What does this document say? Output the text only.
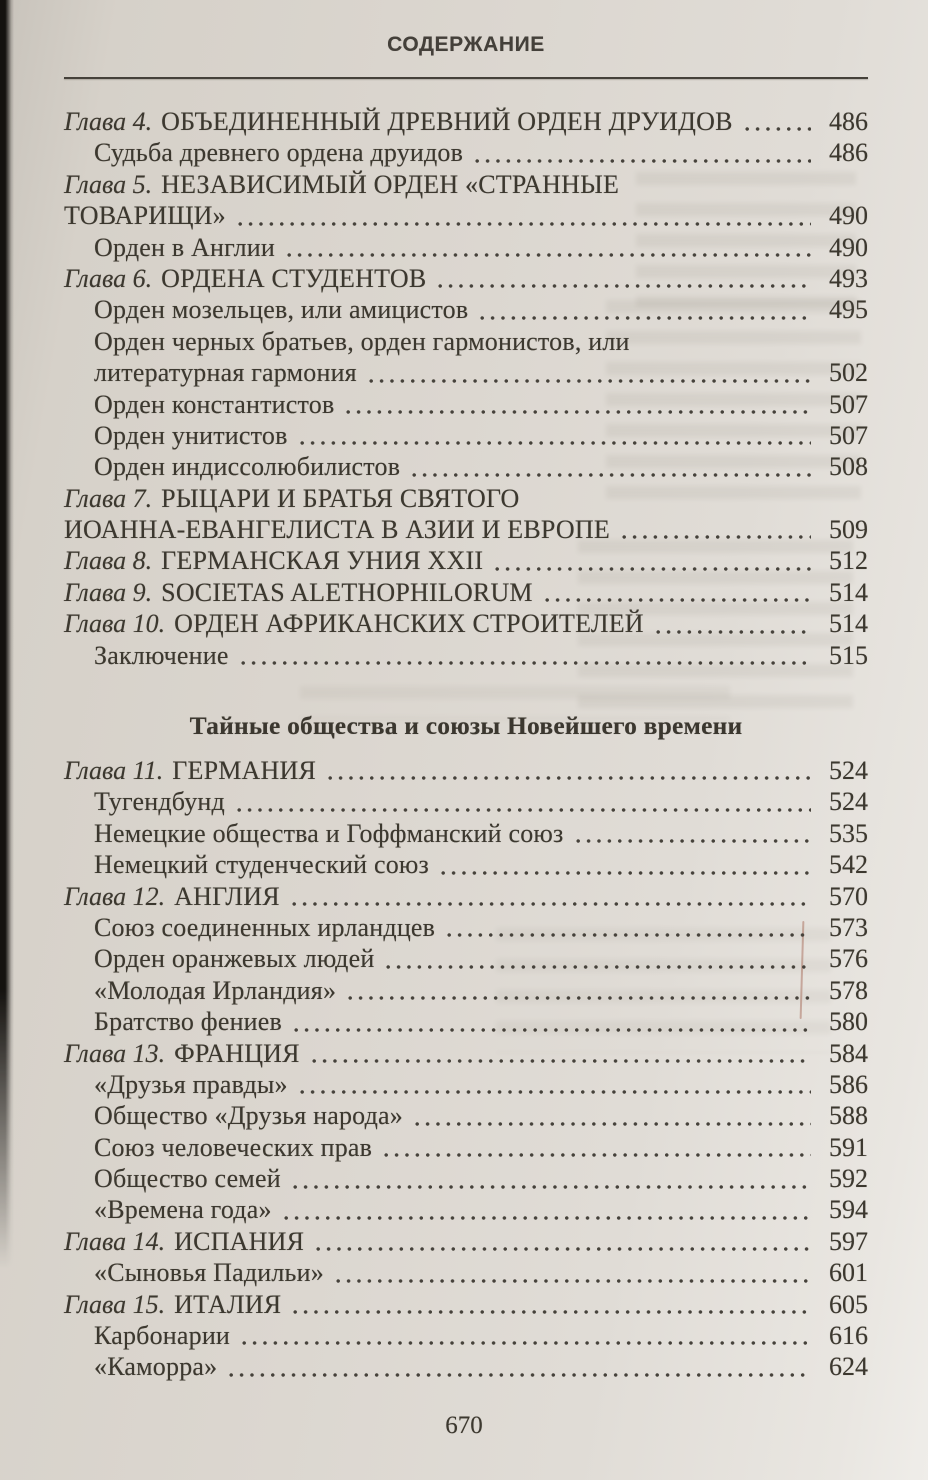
СОДЕРЖАНИЕ
Глава 4. ОБЪЕДИНЕННЫЙ ДРЕВНИЙ ОРДЕН ДРУИДОВ	486
Судьба древнего ордена друидов	486
Глава 5. НЕЗАВИСИМЫЙ ОРДЕН «СТРАННЫЕ
ТОВАРИЩИ»	490
Орден в Англии	490
Глава 6. ОРДЕНА СТУДЕНТОВ	493
Орден мозельцев, или амицистов	495
Орден черных братьев, орден гармонистов, или
литературная гармония	502
Орден константистов	507
Орден унитистов	507
Орден индиссолюбилистов	508
Глава 7. РЫЦАРИ И БРАТЬЯ СВЯТОГО
ИОАННА-ЕВАНГЕЛИСТА В АЗИИ И ЕВРОПЕ	509
Глава 8. ГЕРМАНСКАЯ УНИЯ XXII	512
Глава 9. SOCIETAS ALETHOPHILORUM	514
Глава 10. ОРДЕН АФРИКАНСКИХ СТРОИТЕЛЕЙ	514
Заключение	515
Тайные общества и союзы Новейшего времени
Глава 11. ГЕРМАНИЯ	524
Тугендбунд	524
Немецкие общества и Гоффманский союз	535
Немецкий студенческий союз	542
Глава 12. АНГЛИЯ	570
Союз соединенных ирландцев	573
Орден оранжевых людей	576
«Молодая Ирландия»	578
Братство фениев	580
Глава 13. ФРАНЦИЯ	584
«Друзья правды»	586
Общество «Друзья народа»	588
Союз человеческих прав	591
Общество семей	592
«Времена года»	594
Глава 14. ИСПАНИЯ	597
«Сыновья Падильи»	601
Глава 15. ИТАЛИЯ	605
Карбонарии	616
«Каморра»	624
670
